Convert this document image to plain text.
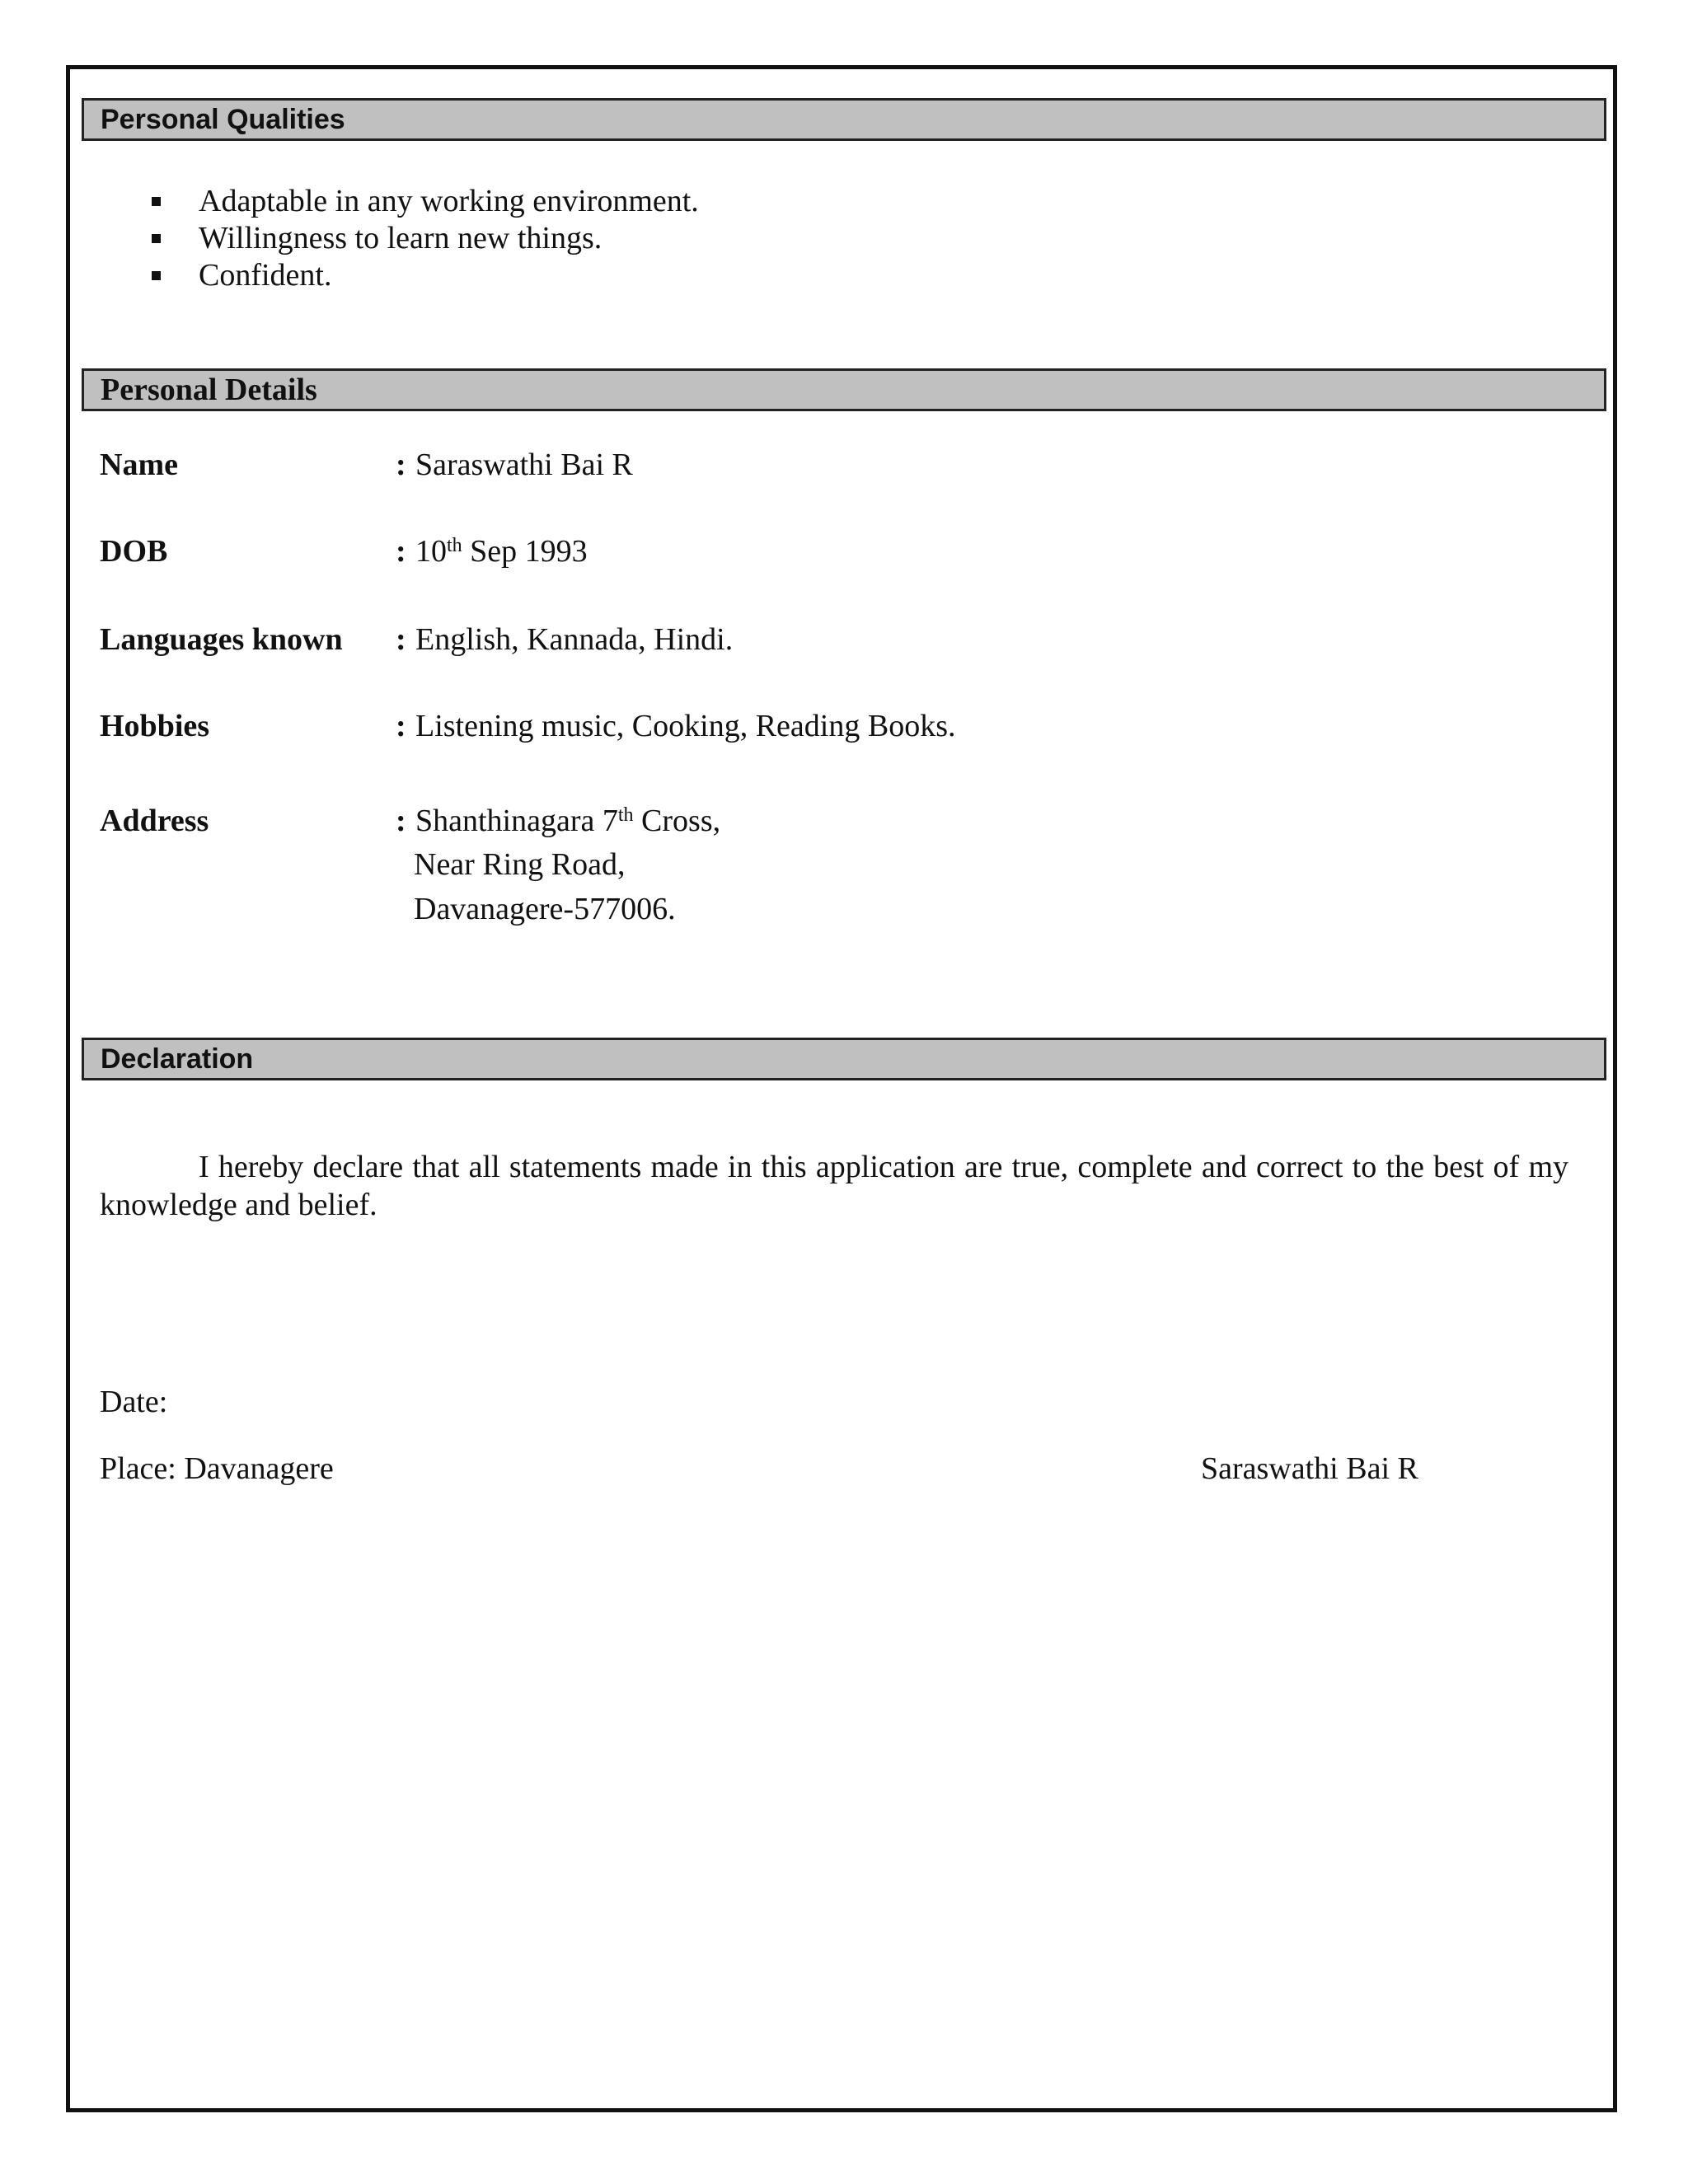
Personal Qualities
Adaptable in any working environment.
Willingness to learn new things.
Confident.
Personal Details
Name	: Saraswathi Bai R
DOB	: 10th Sep 1993
Languages known : English, Kannada, Hindi.
Hobbies	: Listening music, Cooking, Reading Books.
Address	: Shanthinagara 7th Cross,
Near Ring Road,
Davanagere-577006.
Declaration

I hereby declare that all statements made in this application are true, complete and correct to the best of my knowledge and belief.

Date:
Place: Davanagere	Saraswathi Bai R
